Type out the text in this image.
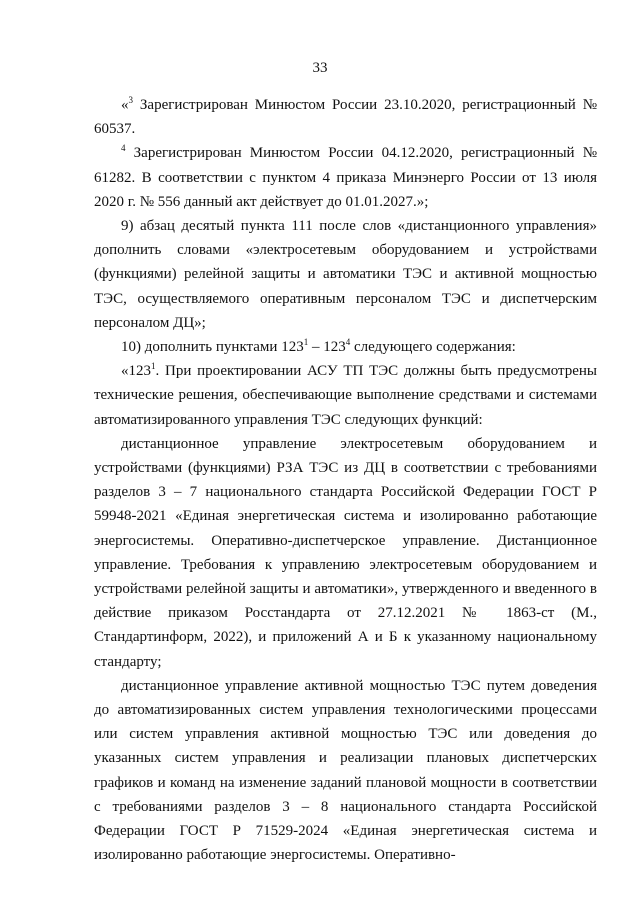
33

«$^3$ Зарегистрирован Минюстом России 23.10.2020, регистрационный № 60537.

$^4$ Зарегистрирован Минюстом России 04.12.2020, регистрационный № 61282. В соответствии с пунктом 4 приказа Минэнерго России от 13 июля 2020 г. № 556 данный акт действует до 01.01.2027.»;

9) абзац десятый пункта 111 после слов «дистанционного управления» дополнить словами «электросетевым оборудованием и устройствами (функциями) релейной защиты и автоматики ТЭС и активной мощностью ТЭС, осуществляемого оперативным персоналом ТЭС и диспетчерским персоналом ДЦ»;

10) дополнить пунктами $123^1 - 123^4$ следующего содержания:

«$123^1$. При проектировании АСУ ТП ТЭС должны быть предусмотрены технические решения, обеспечивающие выполнение средствами и системами автоматизированного управления ТЭС следующих функций:

дистанционное управление электросетевым оборудованием и устройствами (функциями) РЗА ТЭС из ДЦ в соответствии с требованиями разделов 3 – 7 национального стандарта Российской Федерации ГОСТ Р 59948-2021 «Единая энергетическая система и изолированно работающие энергосистемы. Оперативно-диспетчерское управление. Дистанционное управление. Требования к управлению электросетевым оборудованием и устройствами релейной защиты и автоматики», утвержденного и введенного в действие приказом Росстандарта от 27.12.2021 № 1863-ст (М., Стандартинформ, 2022), и приложений А и Б к указанному национальному стандарту;

дистанционное управление активной мощностью ТЭС путем доведения до автоматизированных систем управления технологическими процессами или систем управления активной мощностью ТЭС или доведения до указанных систем управления и реализации плановых диспетчерских графиков и команд на изменение заданий плановой мощности в соответствии с требованиями разделов 3 – 8 национального стандарта Российской Федерации ГОСТ Р 71529-2024 «Единая энергетическая система и изолированно работающие энергосистемы. Оперативно-
